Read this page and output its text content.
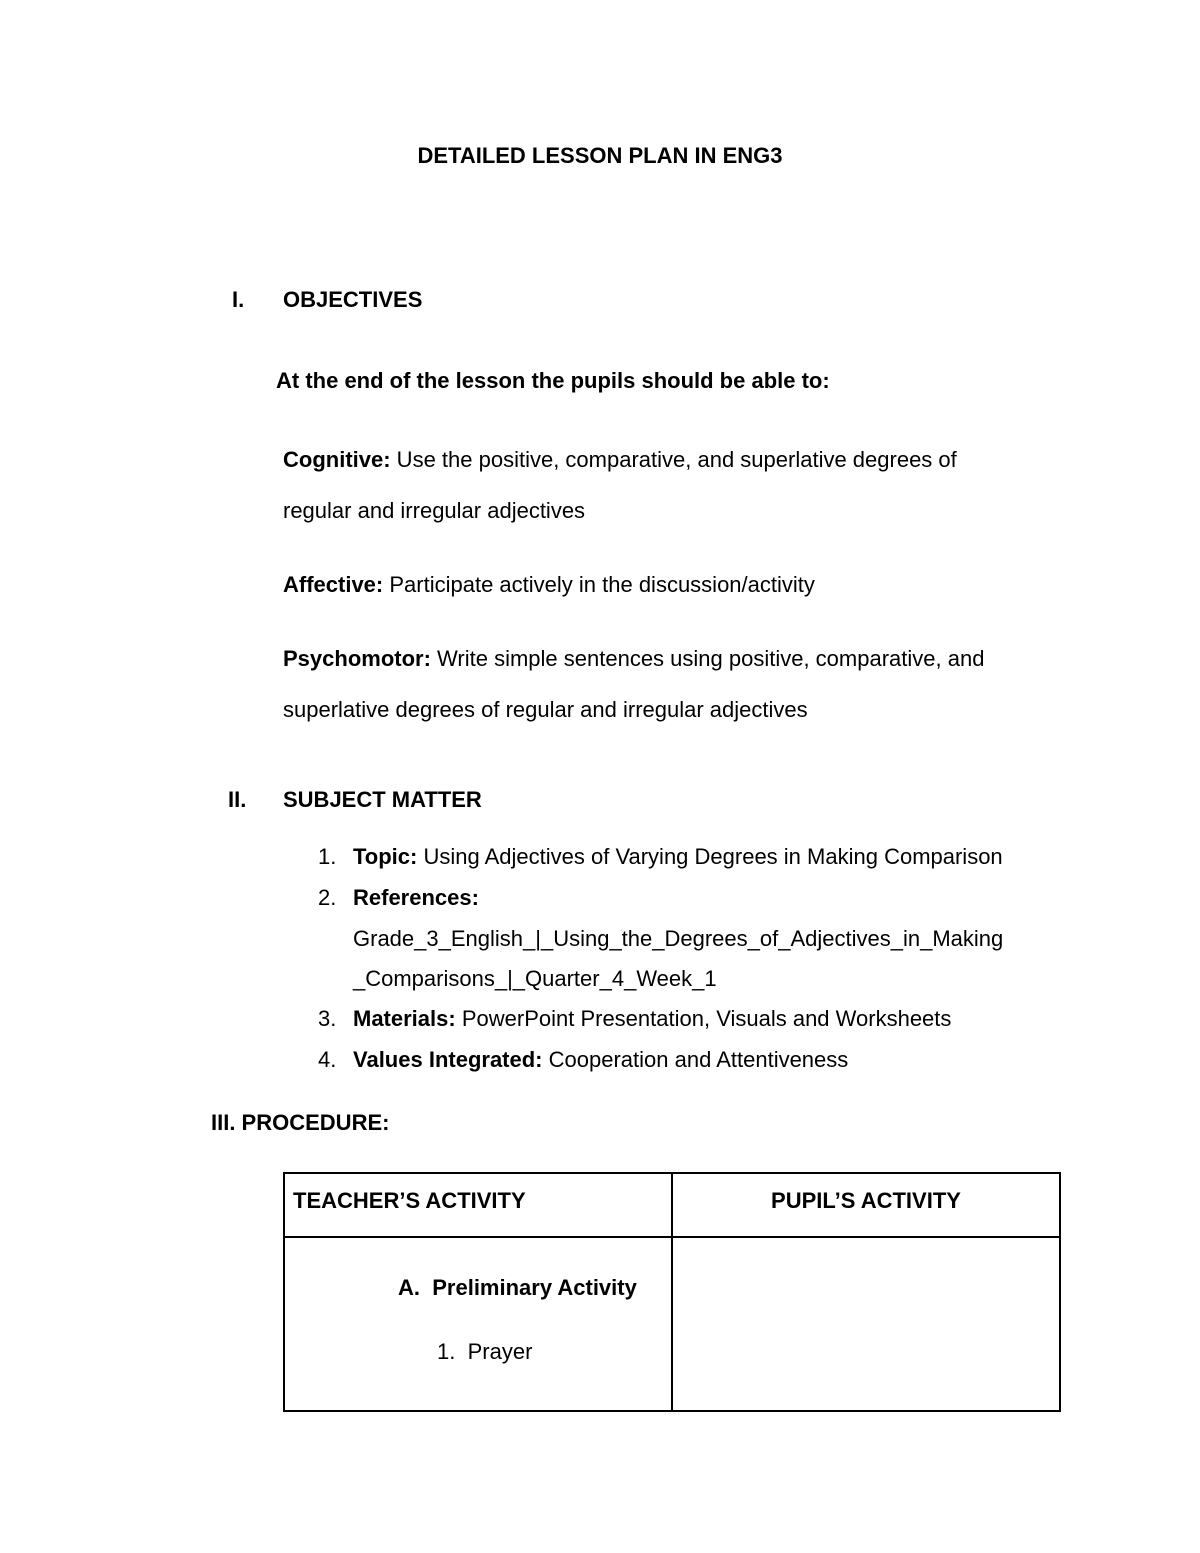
DETAILED LESSON PLAN IN ENG3
I. OBJECTIVES
At the end of the lesson the pupils should be able to:
Cognitive: Use the positive, comparative, and superlative degrees of
regular and irregular adjectives
Affective: Participate actively in the discussion/activity
Psychomotor: Write simple sentences using positive, comparative, and
superlative degrees of regular and irregular adjectives
II. SUBJECT MATTER
1. Topic: Using Adjectives of Varying Degrees in Making Comparison
2. References:
Grade_3_English_|_Using_the_Degrees_of_Adjectives_in_Making
_Comparisons_|_Quarter_4_Week_1
3. Materials: PowerPoint Presentation, Visuals and Worksheets
4. Values Integrated: Cooperation and Attentiveness
III. PROCEDURE:
TEACHER’S ACTIVITY	PUPIL’S ACTIVITY

A. Preliminary Activity
1. Prayer	
